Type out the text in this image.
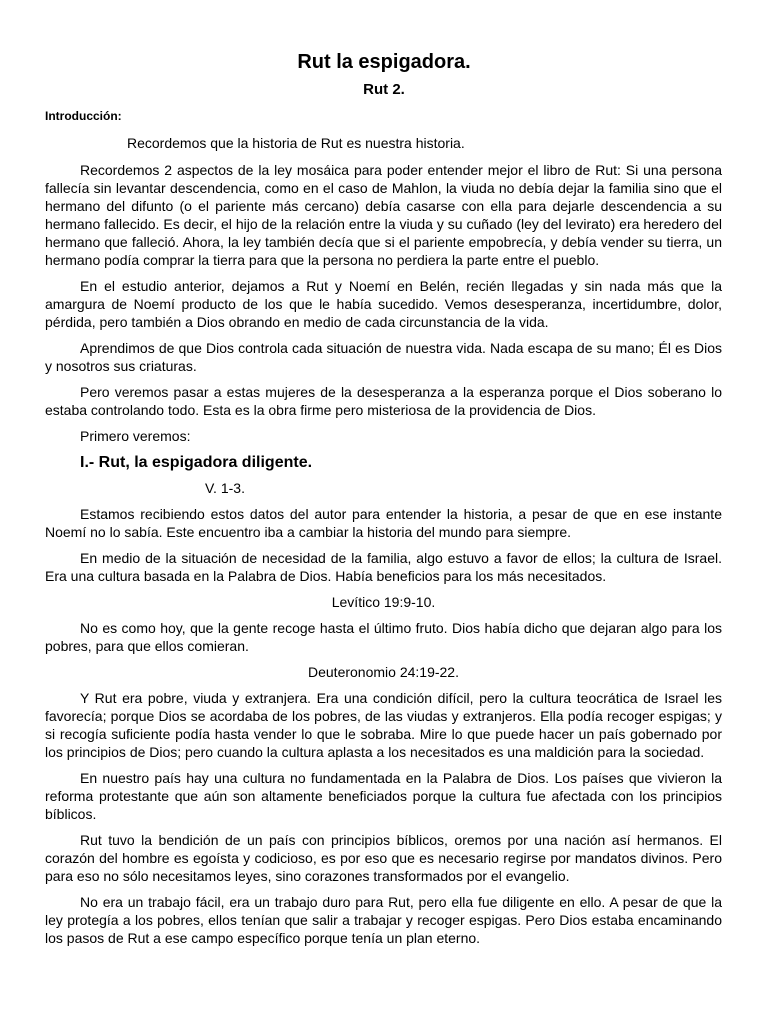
Rut la espigadora.
Rut 2.
Introducción:
Recordemos que la historia de Rut es nuestra historia.
Recordemos 2 aspectos de la ley mosáica para poder entender mejor el libro de Rut: Si una persona fallecía sin levantar descendencia, como en el caso de Mahlon, la viuda no debía dejar la familia sino que el hermano del difunto (o el pariente más cercano) debía casarse con ella para dejarle descendencia a su hermano fallecido. Es decir, el hijo de la relación entre la viuda y su cuñado (ley del levirato) era heredero del hermano que falleció. Ahora, la ley también decía que si el pariente empobrecía, y debía vender su tierra, un hermano podía comprar la tierra para que la persona no perdiera la parte entre el pueblo.
En el estudio anterior, dejamos a Rut y Noemí en Belén, recién llegadas y sin nada más que la amargura de Noemí producto de los que le había sucedido. Vemos desesperanza, incertidumbre, dolor, pérdida, pero también a Dios obrando en medio de cada circunstancia de la vida.
Aprendimos de que Dios controla cada situación de nuestra vida. Nada escapa de su mano; Él es Dios y nosotros sus criaturas.
Pero veremos pasar a estas mujeres de la desesperanza a la esperanza porque el Dios soberano lo estaba controlando todo. Esta es la obra firme pero misteriosa de la providencia de Dios.
Primero veremos:
I.- Rut, la espigadora diligente.
V. 1-3.
Estamos recibiendo estos datos del autor para entender la historia, a pesar de que en ese instante Noemí no lo sabía. Este encuentro iba a cambiar la historia del mundo para siempre.
En medio de la situación de necesidad de la familia, algo estuvo a favor de ellos; la cultura de Israel. Era una cultura basada en la Palabra de Dios. Había beneficios para los más necesitados.
Levítico 19:9-10.
No es como hoy, que la gente recoge hasta el último fruto. Dios había dicho que dejaran algo para los pobres, para que ellos comieran.
Deuteronomio 24:19-22.
Y Rut era pobre, viuda y extranjera. Era una condición difícil, pero la cultura teocrática de Israel les favorecía; porque Dios se acordaba de los pobres, de las viudas y extranjeros. Ella podía recoger espigas; y si recogía suficiente podía hasta vender lo que le sobraba. Mire lo que puede hacer un país gobernado por los principios de Dios; pero cuando la cultura aplasta a los necesitados es una maldición para la sociedad.
En nuestro país hay una cultura no fundamentada en la Palabra de Dios. Los países que vivieron la reforma protestante que aún son altamente beneficiados porque la cultura fue afectada con los principios bíblicos.
Rut tuvo la bendición de un país con principios bíblicos, oremos por una nación así hermanos. El corazón del hombre es egoísta y codicioso, es por eso que es necesario regirse por mandatos divinos. Pero para eso no sólo necesitamos leyes, sino corazones transformados por el evangelio.
No era un trabajo fácil, era un trabajo duro para Rut, pero ella fue diligente en ello. A pesar de que la ley protegía a los pobres, ellos tenían que salir a trabajar y recoger espigas. Pero Dios estaba encaminando los pasos de Rut a ese campo específico porque tenía un plan eterno.
